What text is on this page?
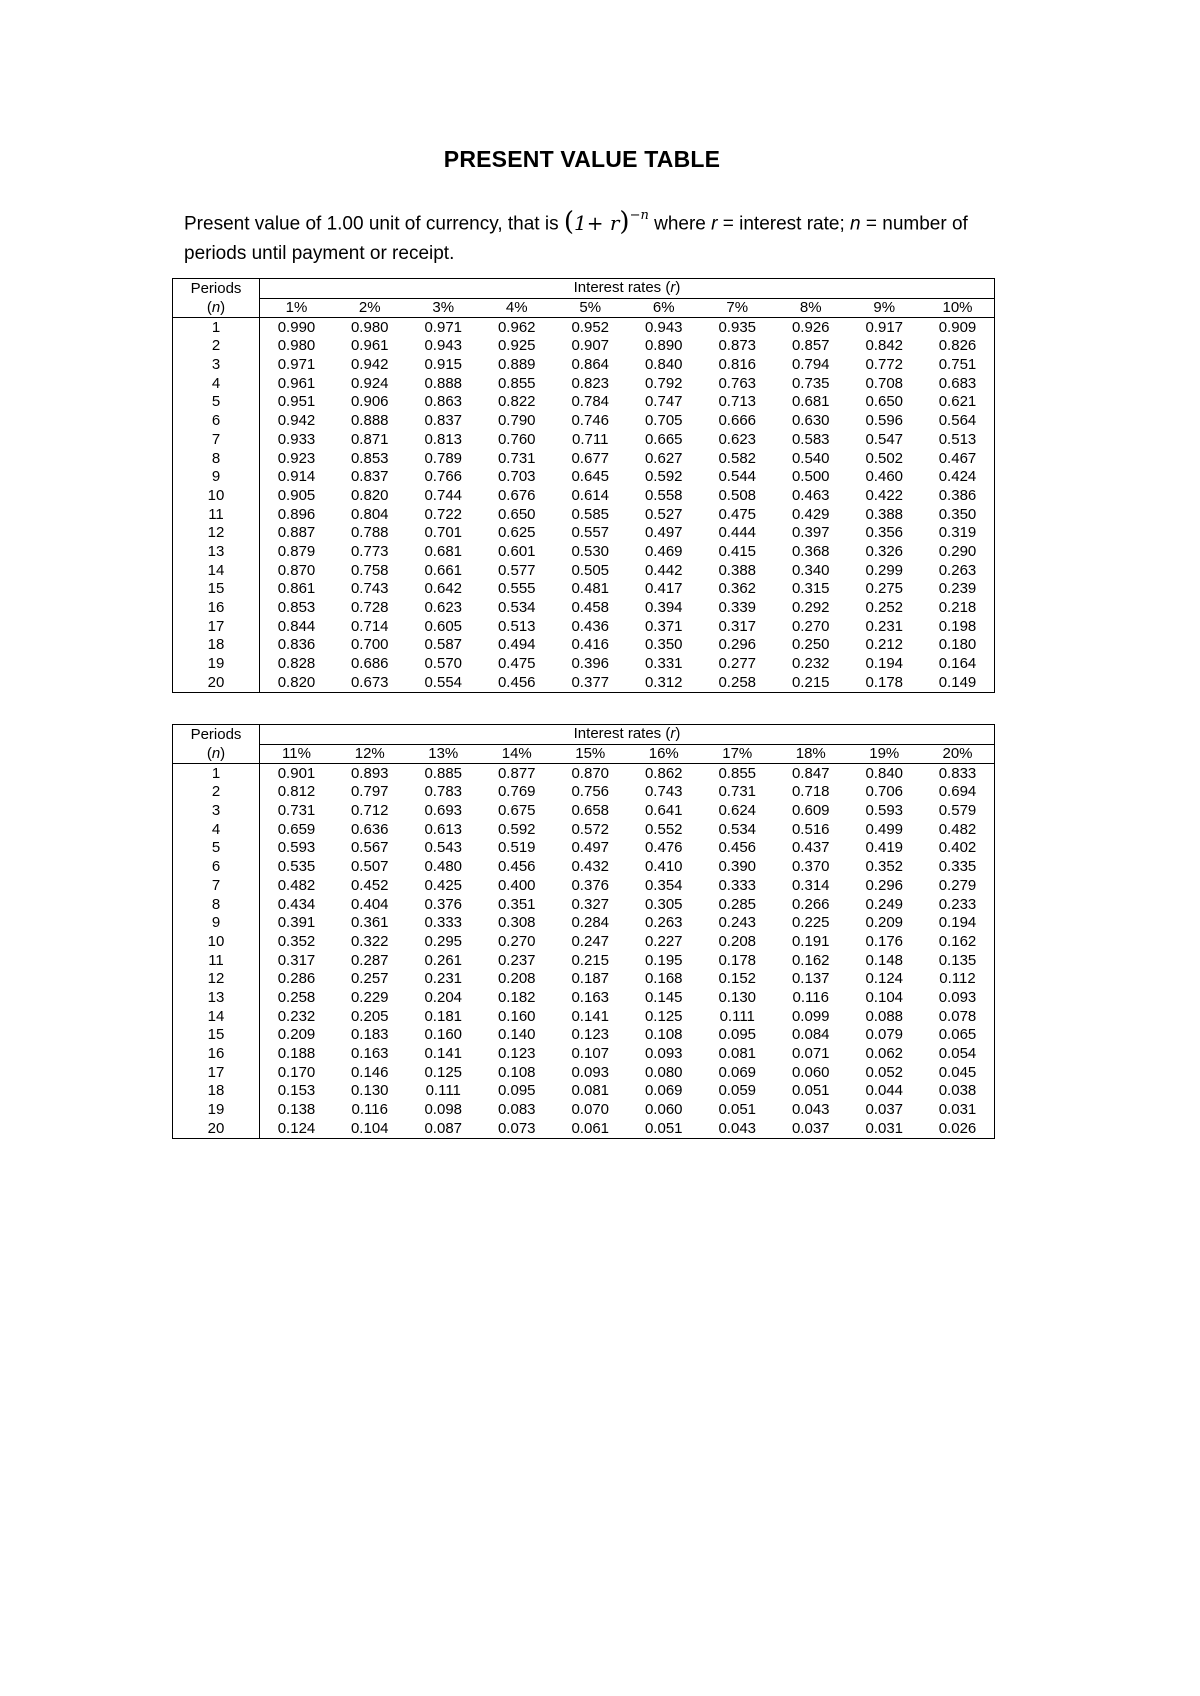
PRESENT VALUE TABLE
Present value of 1.00 unit of currency, that is $(1+ r)^{-n}$ where r = interest rate; n = number of periods until payment or receipt.
Periods	Interest rates (r)									
(n)	1%	2%	3%	4%	5%	6%	7%	8%	9%	10%
1	0.990	0.980	0.971	0.962	0.952	0.943	0.935	0.926	0.917	0.909
2	0.980	0.961	0.943	0.925	0.907	0.890	0.873	0.857	0.842	0.826
3	0.971	0.942	0.915	0.889	0.864	0.840	0.816	0.794	0.772	0.751
4	0.961	0.924	0.888	0.855	0.823	0.792	0.763	0.735	0.708	0.683
5	0.951	0.906	0.863	0.822	0.784	0.747	0.713	0.681	0.650	0.621
6	0.942	0.888	0.837	0.790	0.746	0.705	0.666	0.630	0.596	0.564
7	0.933	0.871	0.813	0.760	0.711	0.665	0.623	0.583	0.547	0.513
8	0.923	0.853	0.789	0.731	0.677	0.627	0.582	0.540	0.502	0.467
9	0.914	0.837	0.766	0.703	0.645	0.592	0.544	0.500	0.460	0.424
10	0.905	0.820	0.744	0.676	0.614	0.558	0.508	0.463	0.422	0.386
11	0.896	0.804	0.722	0.650	0.585	0.527	0.475	0.429	0.388	0.350
12	0.887	0.788	0.701	0.625	0.557	0.497	0.444	0.397	0.356	0.319
13	0.879	0.773	0.681	0.601	0.530	0.469	0.415	0.368	0.326	0.290
14	0.870	0.758	0.661	0.577	0.505	0.442	0.388	0.340	0.299	0.263
15	0.861	0.743	0.642	0.555	0.481	0.417	0.362	0.315	0.275	0.239
16	0.853	0.728	0.623	0.534	0.458	0.394	0.339	0.292	0.252	0.218
17	0.844	0.714	0.605	0.513	0.436	0.371	0.317	0.270	0.231	0.198
18	0.836	0.700	0.587	0.494	0.416	0.350	0.296	0.250	0.212	0.180
19	0.828	0.686	0.570	0.475	0.396	0.331	0.277	0.232	0.194	0.164
20	0.820	0.673	0.554	0.456	0.377	0.312	0.258	0.215	0.178	0.149
Periods	Interest rates (r)									
(n)	11%	12%	13%	14%	15%	16%	17%	18%	19%	20%
1	0.901	0.893	0.885	0.877	0.870	0.862	0.855	0.847	0.840	0.833
2	0.812	0.797	0.783	0.769	0.756	0.743	0.731	0.718	0.706	0.694
3	0.731	0.712	0.693	0.675	0.658	0.641	0.624	0.609	0.593	0.579
4	0.659	0.636	0.613	0.592	0.572	0.552	0.534	0.516	0.499	0.482
5	0.593	0.567	0.543	0.519	0.497	0.476	0.456	0.437	0.419	0.402
6	0.535	0.507	0.480	0.456	0.432	0.410	0.390	0.370	0.352	0.335
7	0.482	0.452	0.425	0.400	0.376	0.354	0.333	0.314	0.296	0.279
8	0.434	0.404	0.376	0.351	0.327	0.305	0.285	0.266	0.249	0.233
9	0.391	0.361	0.333	0.308	0.284	0.263	0.243	0.225	0.209	0.194
10	0.352	0.322	0.295	0.270	0.247	0.227	0.208	0.191	0.176	0.162
11	0.317	0.287	0.261	0.237	0.215	0.195	0.178	0.162	0.148	0.135
12	0.286	0.257	0.231	0.208	0.187	0.168	0.152	0.137	0.124	0.112
13	0.258	0.229	0.204	0.182	0.163	0.145	0.130	0.116	0.104	0.093
14	0.232	0.205	0.181	0.160	0.141	0.125	0.111	0.099	0.088	0.078
15	0.209	0.183	0.160	0.140	0.123	0.108	0.095	0.084	0.079	0.065
16	0.188	0.163	0.141	0.123	0.107	0.093	0.081	0.071	0.062	0.054
17	0.170	0.146	0.125	0.108	0.093	0.080	0.069	0.060	0.052	0.045
18	0.153	0.130	0.111	0.095	0.081	0.069	0.059	0.051	0.044	0.038
19	0.138	0.116	0.098	0.083	0.070	0.060	0.051	0.043	0.037	0.031
20	0.124	0.104	0.087	0.073	0.061	0.051	0.043	0.037	0.031	0.026
